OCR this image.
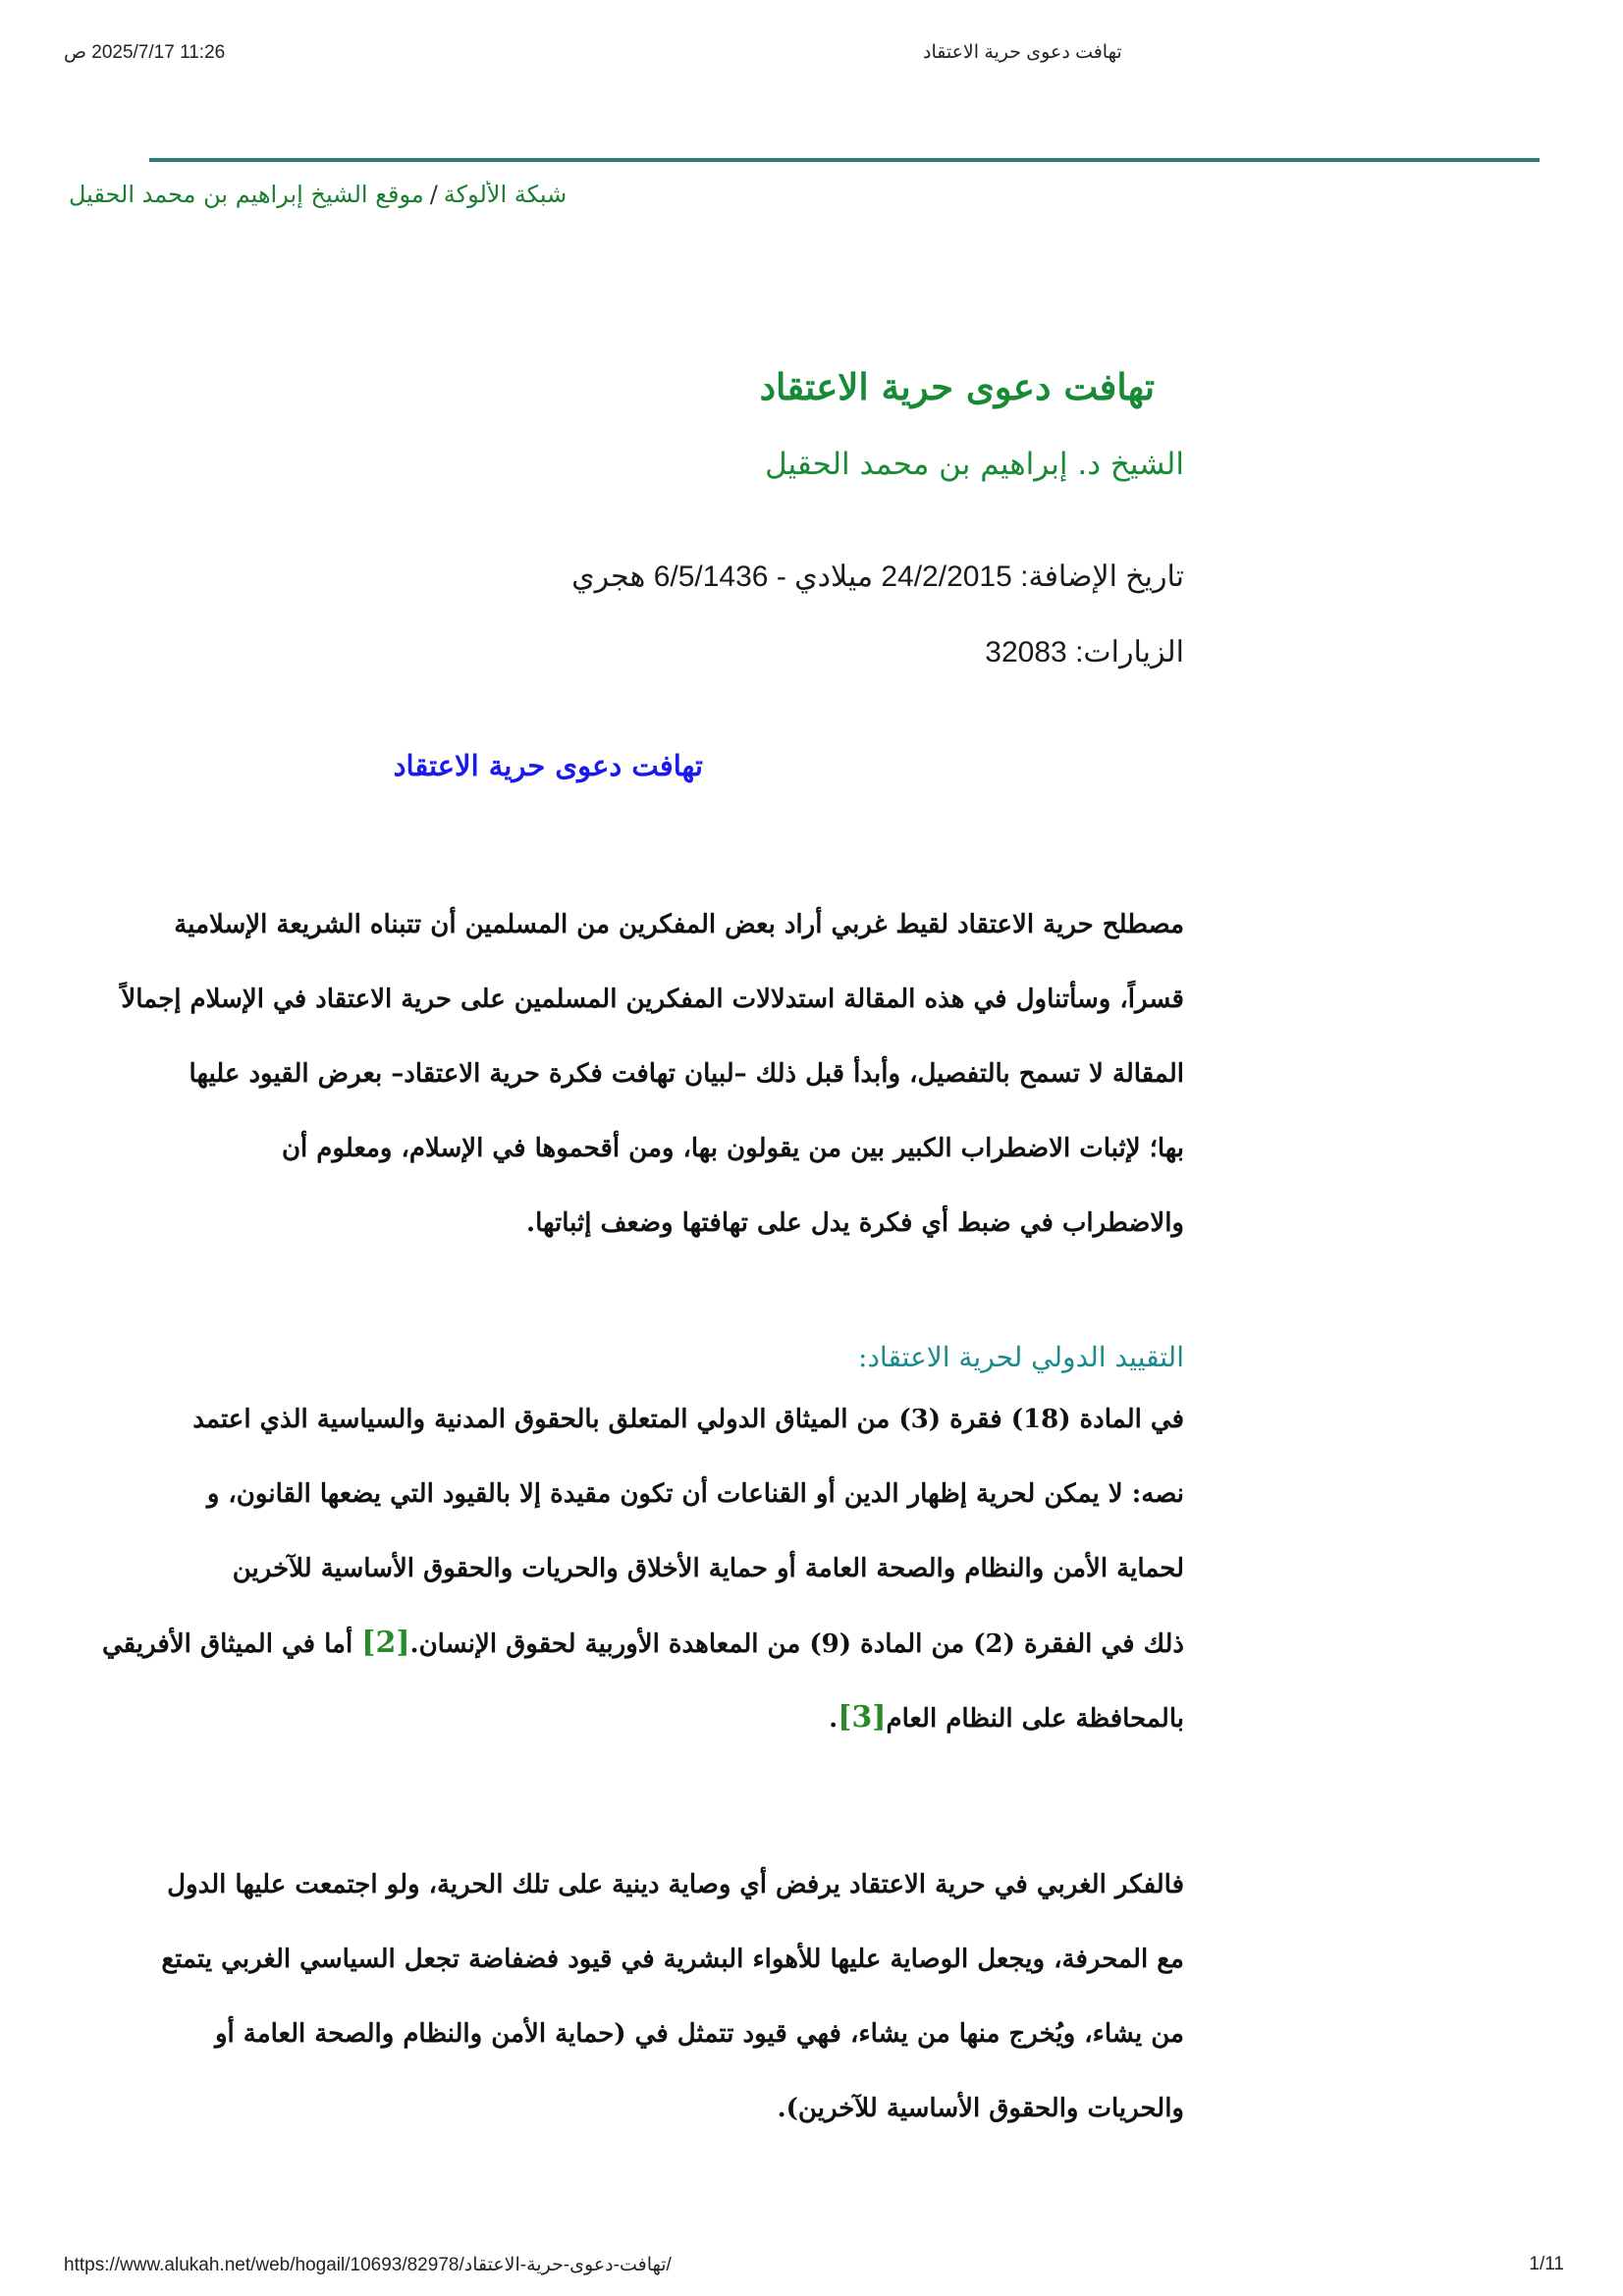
11:26 2025/7/17 ص	تهافت دعوى حرية الاعتقاد
شبكة الألوكة/موقع الشيخ إبراهيم بن محمد الحقيل
تهافت دعوى حرية الاعتقاد
الشيخ د. إبراهيم بن محمد الحقيل
تاريخ الإضافة: 24/2/2015 ميلادي - 6/5/1436 هجري
الزيارات: 32083
تهافت دعوى حرية الاعتقاد
مصطلح حرية الاعتقاد لقيط غربي أراد بعض المفكرين من المسلمين أن تتبناه الشريعة الإسلامية
قسراً، وسأتناول في هذه المقالة استدلالات المفكرين المسلمين على حرية الاعتقاد في الإسلام إجمالاً
المقالة لا تسمح بالتفصيل، وأبدأ قبل ذلك –لبيان تهافت فكرة حرية الاعتقاد– بعرض القيود عليها
بها؛ لإثبات الاضطراب الكبير بين من يقولون بها، ومن أقحموها في الإسلام، ومعلوم أن
والاضطراب في ضبط أي فكرة يدل على تهافتها وضعف إثباتها.
التقييد الدولي لحرية الاعتقاد:
في المادة (18) فقرة (3) من الميثاق الدولي المتعلق بالحقوق المدنية والسياسية الذي اعتمد
نصه: لا يمكن لحرية إظهار الدين أو القناعات أن تكون مقيدة إلا بالقيود التي يضعها القانون، و
لحماية الأمن والنظام والصحة العامة أو حماية الأخلاق والحريات والحقوق الأساسية للآخرين
ذلك في الفقرة (2) من المادة (9) من المعاهدة الأوربية لحقوق الإنسان.[2] أما في الميثاق الأفريقي
بالمحافظة على النظام العام[3].
فالفكر الغربي في حرية الاعتقاد يرفض أي وصاية دينية على تلك الحرية، ولو اجتمعت عليها الدول
مع المحرفة، ويجعل الوصاية عليها للأهواء البشرية في قيود فضفاضة تجعل السياسي الغربي يتمتع
من يشاء، ويُخرج منها من يشاء، فهي قيود تتمثل في (حماية الأمن والنظام والصحة العامة أو
والحريات والحقوق الأساسية للآخرين).
https://www.alukah.net/web/hogail/10693/82978/تهافت-دعوى-حرية-الاعتقاد/	1/11
